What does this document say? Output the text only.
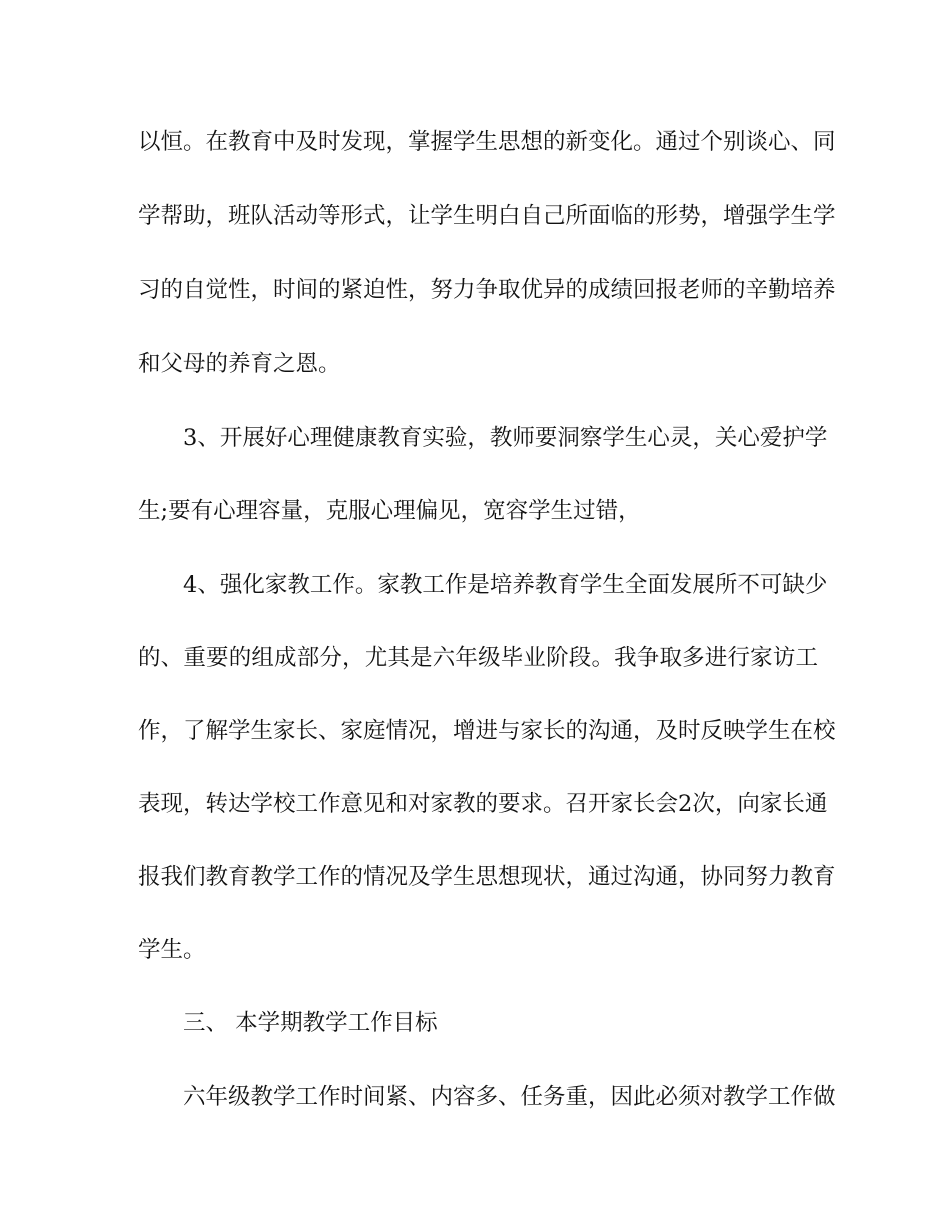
以恒。在教育中及时发现，掌握学生思想的新变化。通过个别谈心、同
学帮助，班队活动等形式，让学生明白自己所面临的形势，增强学生学
习的自觉性，时间的紧迫性，努力争取优异的成绩回报老师的辛勤培养
和父母的养育之恩。
3、开展好心理健康教育实验，教师要洞察学生心灵，关心爱护学
生;要有心理容量，克服心理偏见，宽容学生过错，
4、强化家教工作。家教工作是培养教育学生全面发展所不可缺少
的、重要的组成部分，尤其是六年级毕业阶段。我争取多进行家访工
作，了解学生家长、家庭情况，增进与家长的沟通，及时反映学生在校
表现，转达学校工作意见和对家教的要求。召开家长会2次，向家长通
报我们教育教学工作的情况及学生思想现状，通过沟通，协同努力教育
学生。
三、 本学期教学工作目标
六年级教学工作时间紧、内容多、任务重，因此必须对教学工作做
